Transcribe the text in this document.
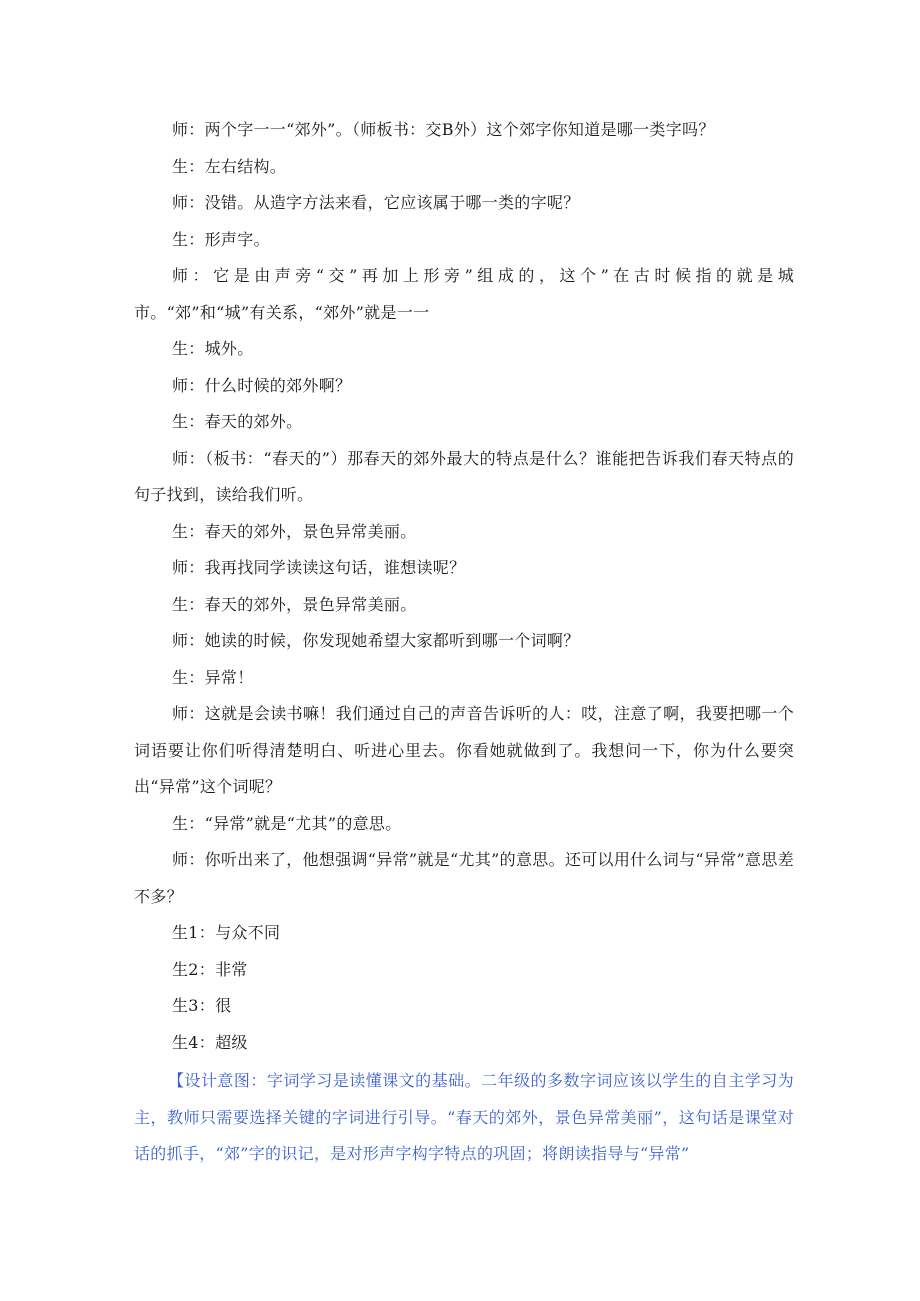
师：两个字一一“郊外”。（师板书：交B外）这个郊字你知道是哪一类字吗？

生：左右结构。

师：没错。从造字方法来看，它应该属于哪一类的字呢？

生：形声字。

师：它是由声旁“交”再加上形旁”组成的，这个”在古时候指的就是城市。“郊”和“城”有关系，“郊外”就是一一

生：城外。

师：什么时候的郊外啊？

生：春天的郊外。

师：（板书：“春天的”）那春天的郊外最大的特点是什么？谁能把告诉我们春天特点的句子找到，读给我们听。

生：春天的郊外，景色异常美丽。

师：我再找同学读读这句话，谁想读呢？

生：春天的郊外，景色异常美丽。

师：她读的时候，你发现她希望大家都听到哪一个词啊？

生：异常！

师：这就是会读书嘛！我们通过自己的声音告诉听的人：哎，注意了啊，我要把哪一个词语要让你们听得清楚明白、听进心里去。你看她就做到了。我想问一下，你为什么要突出“异常”这个词呢？

生：“异常”就是“尤其”的意思。

师：你听出来了，他想强调“异常”就是“尤其”的意思。还可以用什么词与“异常”意思差不多？

生1：与众不同

生2：非常

生3：很

生4：超级

【设计意图：字词学习是读懂课文的基础。二年级的多数字词应该以学生的自主学习为主，教师只需要选择关键的字词进行引导。“春天的郊外，景色异常美丽”，这句话是课堂对话的抓手，“郊”字的识记，是对形声字构字特点的巩固；将朗读指导与“异常”
